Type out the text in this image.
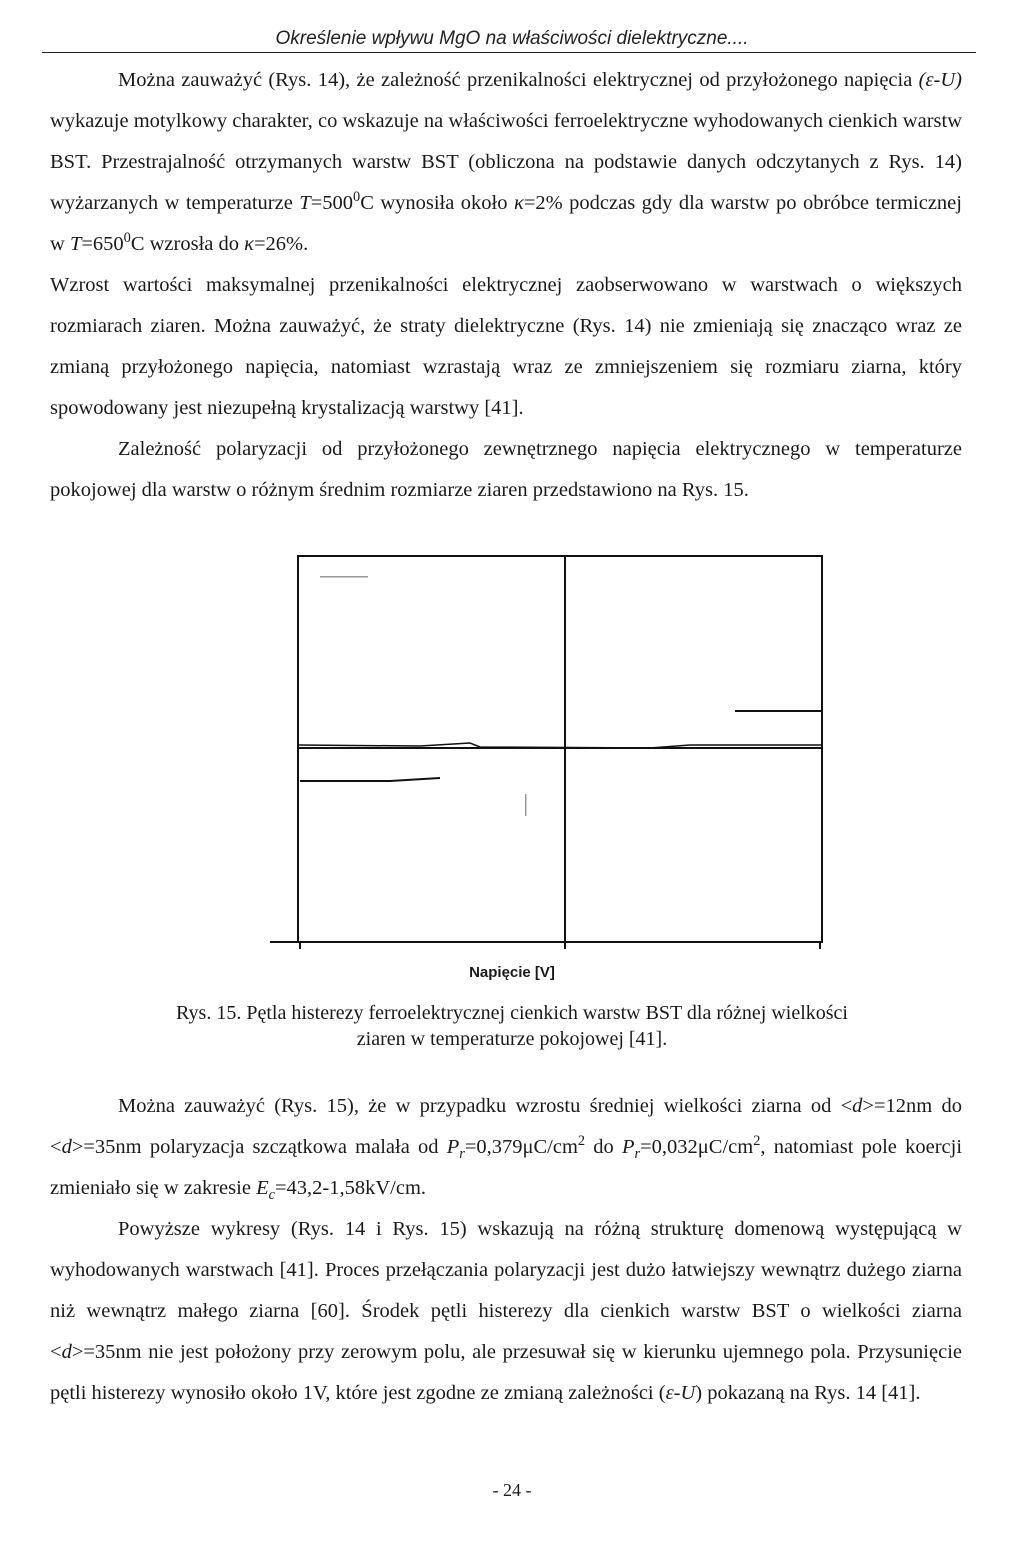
Określenie wpływu MgO na właściwości dielektryczne....

Można zauważyć (Rys. 14), że zależność przenikalności elektrycznej od przyłożonego napięcia (ε-U) wykazuje motylkowy charakter, co wskazuje na właściwości ferroelektryczne wyhodowanych cienkich warstw BST. Przestrajalność otrzymanych warstw BST (obliczona na podstawie danych odczytanych z Rys. 14) wyżarzanych w temperaturze $T=500^0C$ wynosiła około κ=2% podczas gdy dla warstw po obróbce termicznej w $T=650^0C$ wzrosła do κ=26%.

Wzrost wartości maksymalnej przenikalności elektrycznej zaobserwowano w warstwach o większych rozmiarach ziaren. Można zauważyć, że straty dielektryczne (Rys. 14) nie zmieniają się znacząco wraz ze zmianą przyłożonego napięcia, natomiast wzrastają wraz ze zmniejszeniem się rozmiaru ziarna, który spowodowany jest niezupełną krystalizacją warstwy [41].

Zależność polaryzacji od przyłożonego zewnętrznego napięcia elektrycznego w temperaturze pokojowej dla warstw o różnym średnim rozmiarze ziaren przedstawiono na Rys. 15.

Napięcie [V]
Rys. 15. Pętla histerezy ferroelektrycznej cienkich warstw BST dla różnej wielkości
ziaren w temperaturze pokojowej [41].

Można zauważyć (Rys. 15), że w przypadku wzrostu średniej wielkości ziarna od <d>=12nm do <d>=35nm polaryzacja szczątkowa malała od $P_r=0,379\mu C/cm^2$ do $P_r=0,032\mu C/cm^2$, natomiast pole koercji zmieniało się w zakresie $E_c=43,2-1,58kV/cm$.

Powyższe wykresy (Rys. 14 i Rys. 15) wskazują na różną strukturę domenową występującą w wyhodowanych warstwach [41]. Proces przełączania polaryzacji jest dużo łatwiejszy wewnątrz dużego ziarna niż wewnątrz małego ziarna [60]. Środek pętli histerezy dla cienkich warstw BST o wielkości ziarna <d>=35nm nie jest położony przy zerowym polu, ale przesuwał się w kierunku ujemnego pola. Przysunięcie pętli histerezy wynosiło około 1V, które jest zgodne ze zmianą zależności (ε-U) pokazaną na Rys. 14 [41].

- 24 -
